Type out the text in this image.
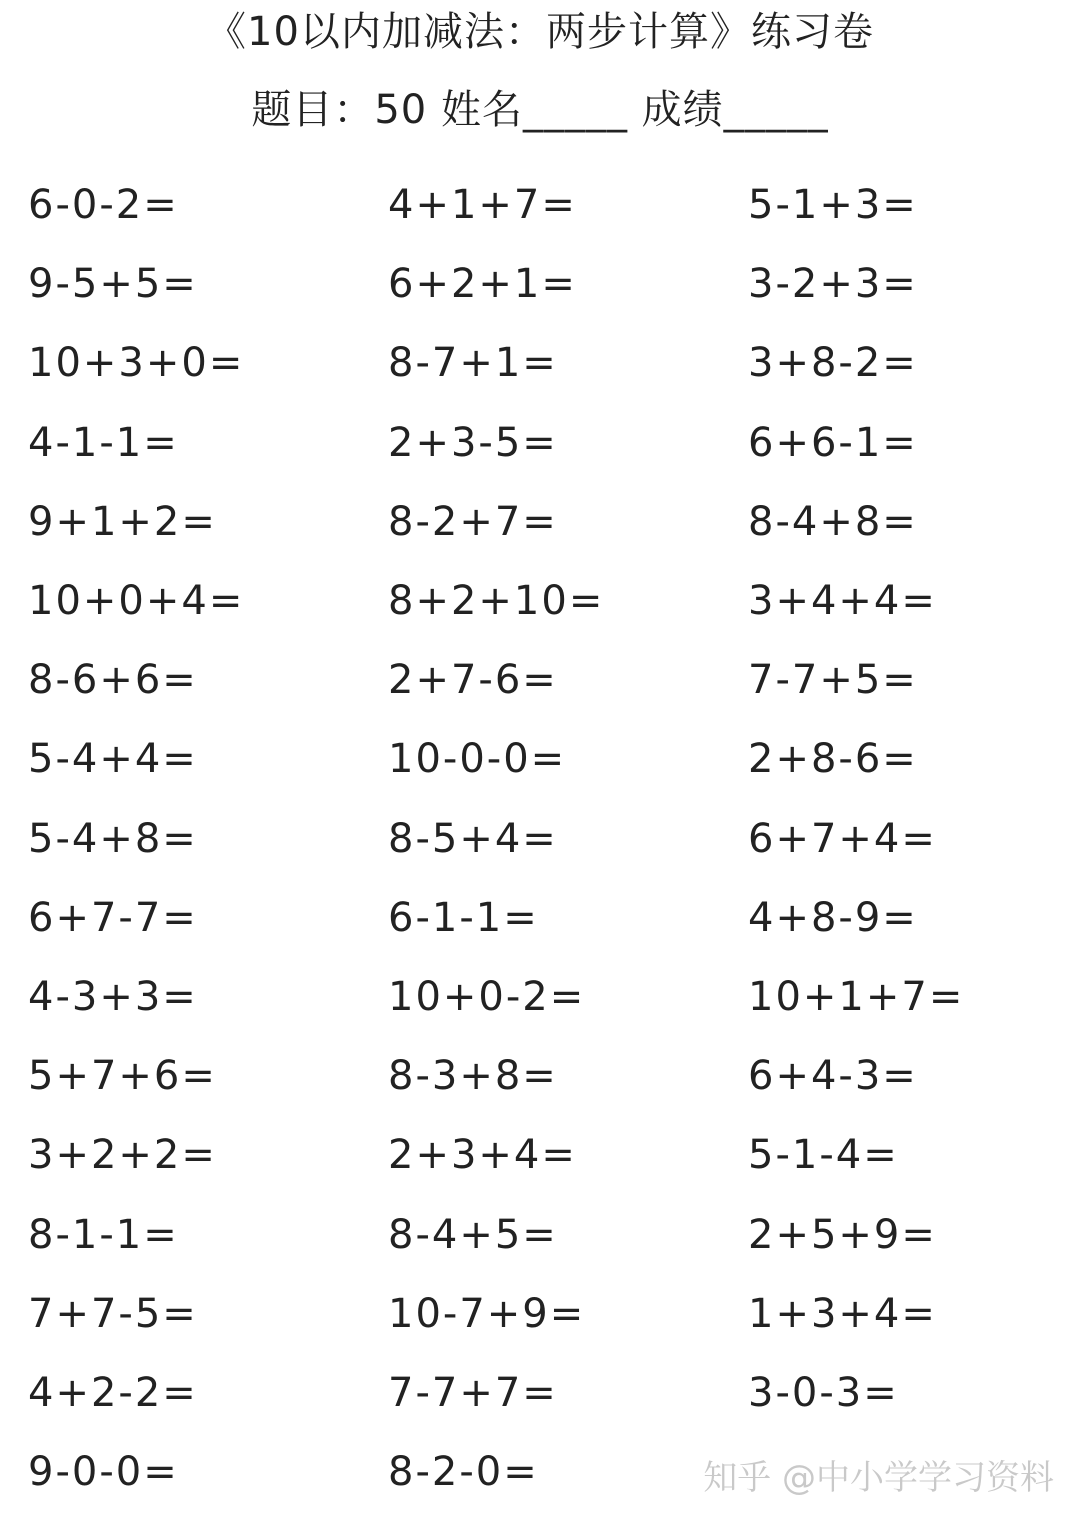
《10以内加减法：两步计算》练习卷
题目：50 姓名_____ 成绩_____
6-0-2=	4+1+7=	5-1+3=
9-5+5=	6+2+1=	3-2+3=
10+3+0=	8-7+1=	3+8-2=
4-1-1=	2+3-5=	6+6-1=
9+1+2=	8-2+7=	8-4+8=
10+0+4=	8+2+10=	3+4+4=
8-6+6=	2+7-6=	7-7+5=
5-4+4=	10-0-0=	2+8-6=
5-4+8=	8-5+4=	6+7+4=
6+7-7=	6-1-1=	4+8-9=
4-3+3=	10+0-2=	10+1+7=
5+7+6=	8-3+8=	6+4-3=
3+2+2=	2+3+4=	5-1-4=
8-1-1=	8-4+5=	2+5+9=
7+7-5=	10-7+9=	1+3+4=
4+2-2=	7-7+7=	3-0-3=
9-0-0=	8-2-0=	知乎 @中小学学习资料
